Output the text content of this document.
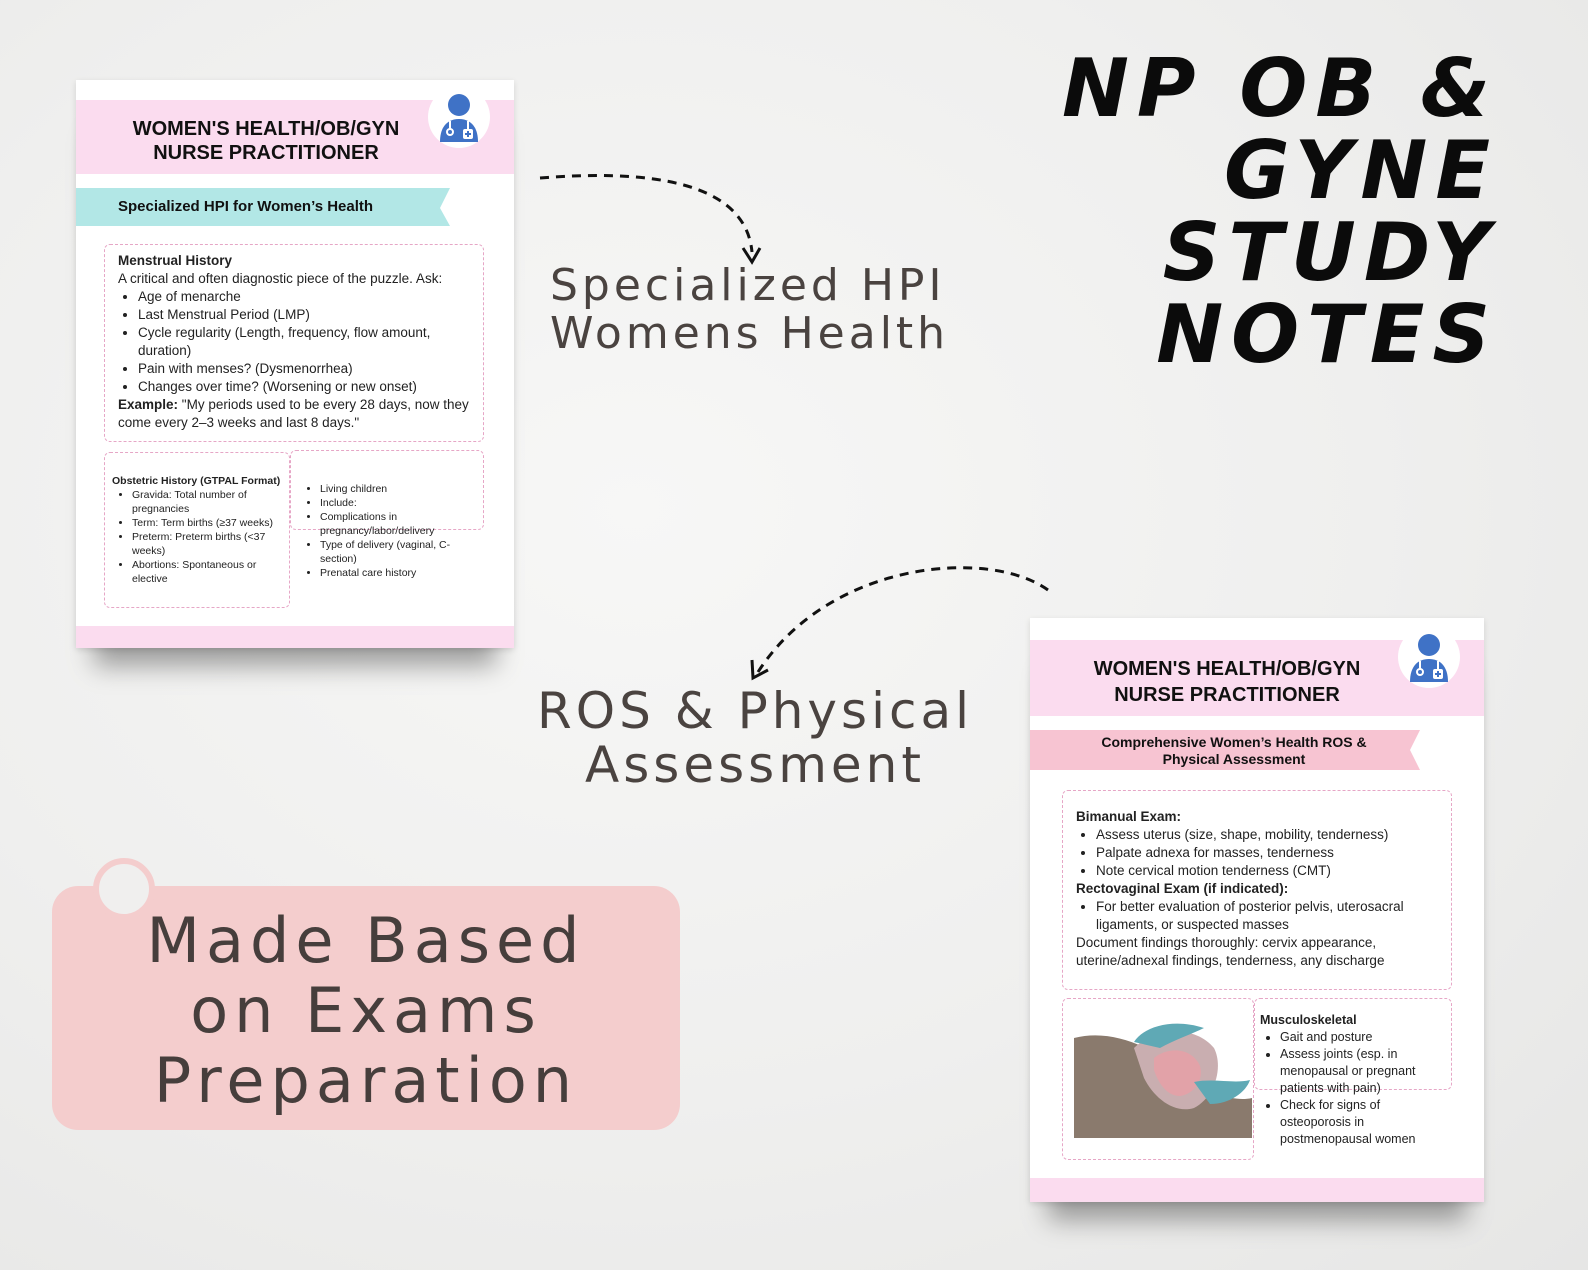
NP OB & GYNE
STUDY NOTES
Specialized HPI
Womens Health
ROS & Physical
Assessment
Made Based
on Exams
Preparation
WOMEN'S HEALTH/OB/GYN
NURSE PRACTITIONER
Specialized HPI for Women’s Health
Menstrual History
A critical and often diagnostic piece of the puzzle. Ask:
• Age of menarche
• Last Menstrual Period (LMP)
• Cycle regularity (Length, frequency, flow amount, duration)
• Pain with menses? (Dysmenorrhea)
• Changes over time? (Worsening or new onset)
Example: "My periods used to be every 28 days, now they come every 2–3 weeks and last 8 days."
Obstetric History (GTPAL Format)
• Gravida: Total number of pregnancies
• Term: Term births (≥37 weeks)
• Preterm: Preterm births (<37 weeks)
• Abortions: Spontaneous or elective
• Living children
• Include:
• Complications in pregnancy/labor/delivery
• Type of delivery (vaginal, C-section)
• Prenatal care history
WOMEN'S HEALTH/OB/GYN
NURSE PRACTITIONER
Comprehensive Women’s Health ROS &
Physical Assessment
Bimanual Exam:
• Assess uterus (size, shape, mobility, tenderness)
• Palpate adnexa for masses, tenderness
• Note cervical motion tenderness (CMT)
Rectovaginal Exam (if indicated):
• For better evaluation of posterior pelvis, uterosacral ligaments, or suspected masses
Document findings thoroughly: cervix appearance, uterine/adnexal findings, tenderness, any discharge
Musculoskeletal
• Gait and posture
• Assess joints (esp. in menopausal or pregnant patients with pain)
• Check for signs of osteoporosis in postmenopausal women
